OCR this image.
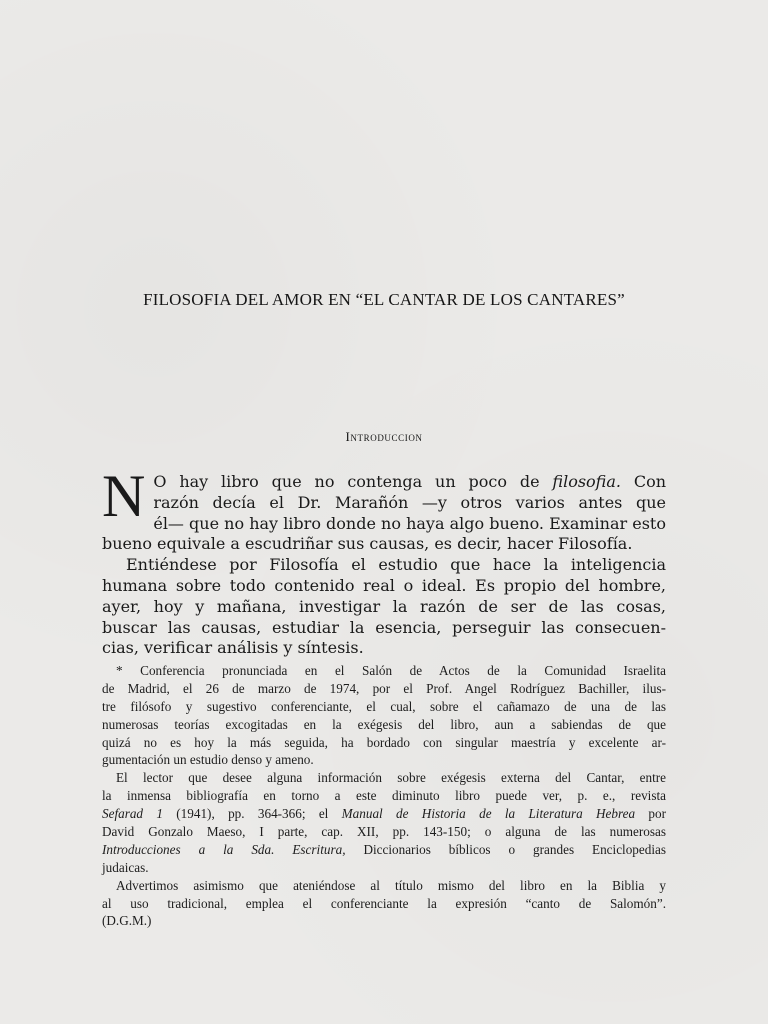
FILOSOFIA DEL AMOR EN “EL CANTAR DE LOS CANTARES”
Introduccion
N O hay libro que no contenga un poco de filosofia. Con
razón decía el Dr. Marañón —y otros varios antes que
él— que no hay libro donde no haya algo bueno. Examinar esto
bueno equivale a escudriñar sus causas, es decir, hacer Filosofía.
Entiéndese por Filosofía el estudio que hace la inteligencia
humana sobre todo contenido real o ideal. Es propio del hombre,
ayer, hoy y mañana, investigar la razón de ser de las cosas,
buscar las causas, estudiar la esencia, perseguir las consecuen-
cias, verificar análisis y síntesis.
* Conferencia pronunciada en el Salón de Actos de la Comunidad Israelita
de Madrid, el 26 de marzo de 1974, por el Prof. Angel Rodríguez Bachiller, ilus-
tre filósofo y sugestivo conferenciante, el cual, sobre el cañamazo de una de las
numerosas teorías excogitadas en la exégesis del libro, aun a sabiendas de que
quizá no es hoy la más seguida, ha bordado con singular maestría y excelente ar-
gumentación un estudio denso y ameno.
El lector que desee alguna información sobre exégesis externa del Cantar, entre
la inmensa bibliografía en torno a este diminuto libro puede ver, p. e., revista
Sefarad 1 (1941), pp. 364-366; el Manual de Historia de la Literatura Hebrea por
David Gonzalo Maeso, I parte, cap. XII, pp. 143-150; o alguna de las numerosas
Introducciones a la Sda. Escritura, Diccionarios bíblicos o grandes Enciclopedias
judaicas.
Advertimos asimismo que ateniéndose al título mismo del libro en la Biblia y
al uso tradicional, emplea el conferenciante la expresión “canto de Salomón”.
(D.G.M.)
